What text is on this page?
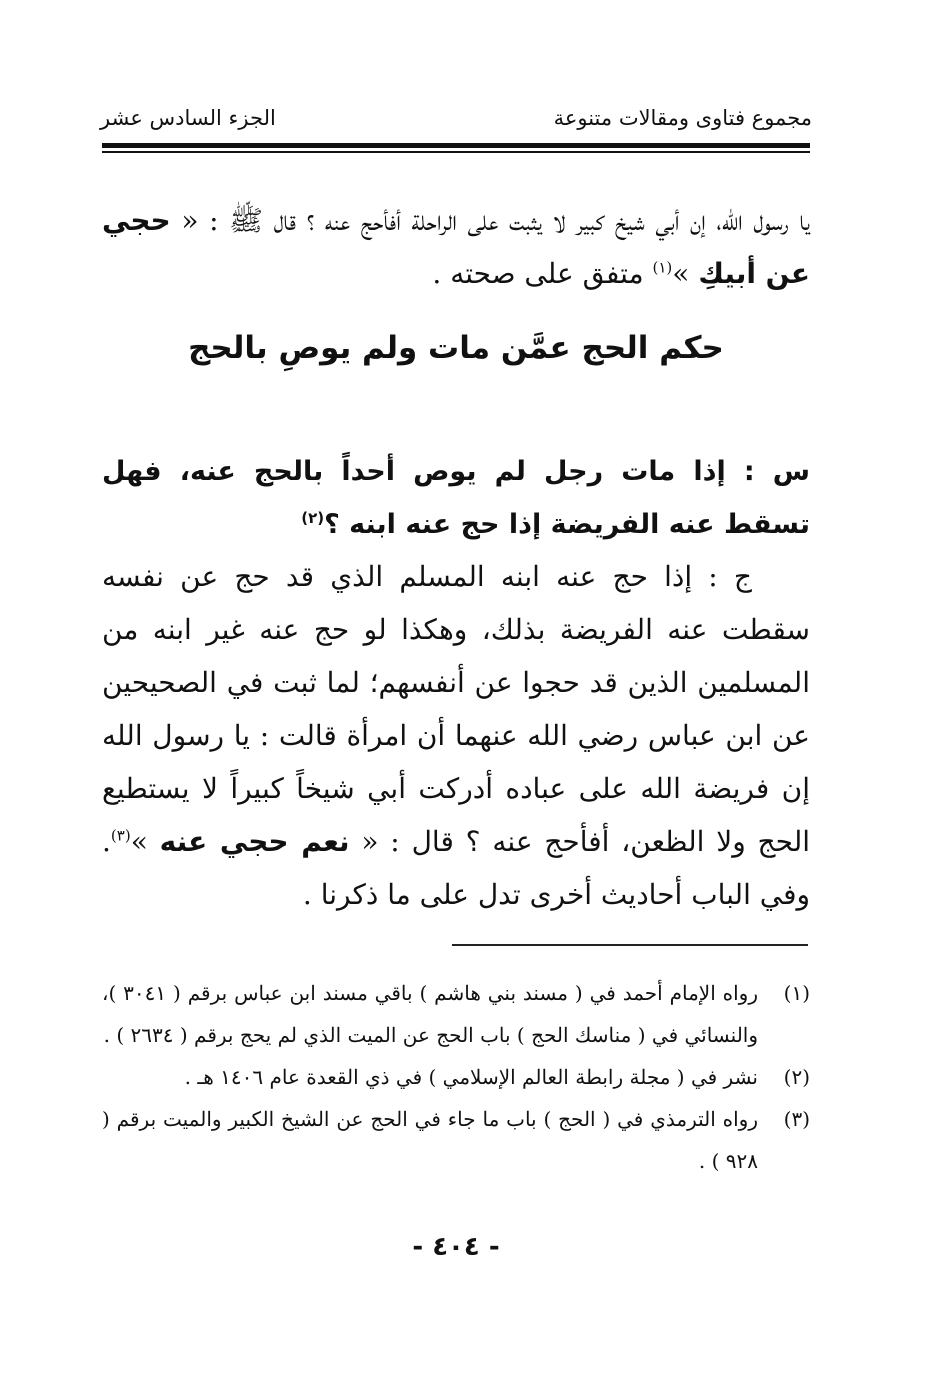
مجموع فتاوى ومقالات متنوعة
الجزء السادس عشر
يا رسول الله، إن أبي شيخ كبير لا يثبت على الراحلة أفأحج عنه ؟ قال ﷺ : « حجي عن أبيكِ »$^{(١)}$ متفق على صحته .
حكم الحج عمَّن مات ولم يوصِ بالحج
س : إذا مات رجل لم يوص أحداً بالحج عنه، فهل تسقط عنه الفريضة إذا حج عنه ابنه ؟$^{(٢)}$
ج : إذا حج عنه ابنه المسلم الذي قد حج عن نفسه سقطت عنه الفريضة بذلك، وهكذا لو حج عنه غير ابنه من المسلمين الذين قد حجوا عن أنفسهم؛ لما ثبت في الصحيحين عن ابن عباس رضي الله عنهما أن امرأة قالت : يا رسول الله إن فريضة الله على عباده أدركت أبي شيخاً كبيراً لا يستطيع الحج ولا الظعن، أفأحج عنه ؟ قال : « نعم حجي عنه »$^{(٣)}$. وفي الباب أحاديث أخرى تدل على ما ذكرنا .
(١)
رواه الإمام أحمد في ( مسند بني هاشم ) باقي مسند ابن عباس برقم ( ٣٠٤١ )، والنسائي في ( مناسك الحج ) باب الحج عن الميت الذي لم يحج برقم ( ٢٦٣٤ ) .
(٢)
نشر في ( مجلة رابطة العالم الإسلامي ) في ذي القعدة عام ١٤٠٦ هـ .
(٣)
رواه الترمذي في ( الحج ) باب ما جاء في الحج عن الشيخ الكبير والميت برقم ( ٩٢٨ ) .
- ٤٠٤ -
